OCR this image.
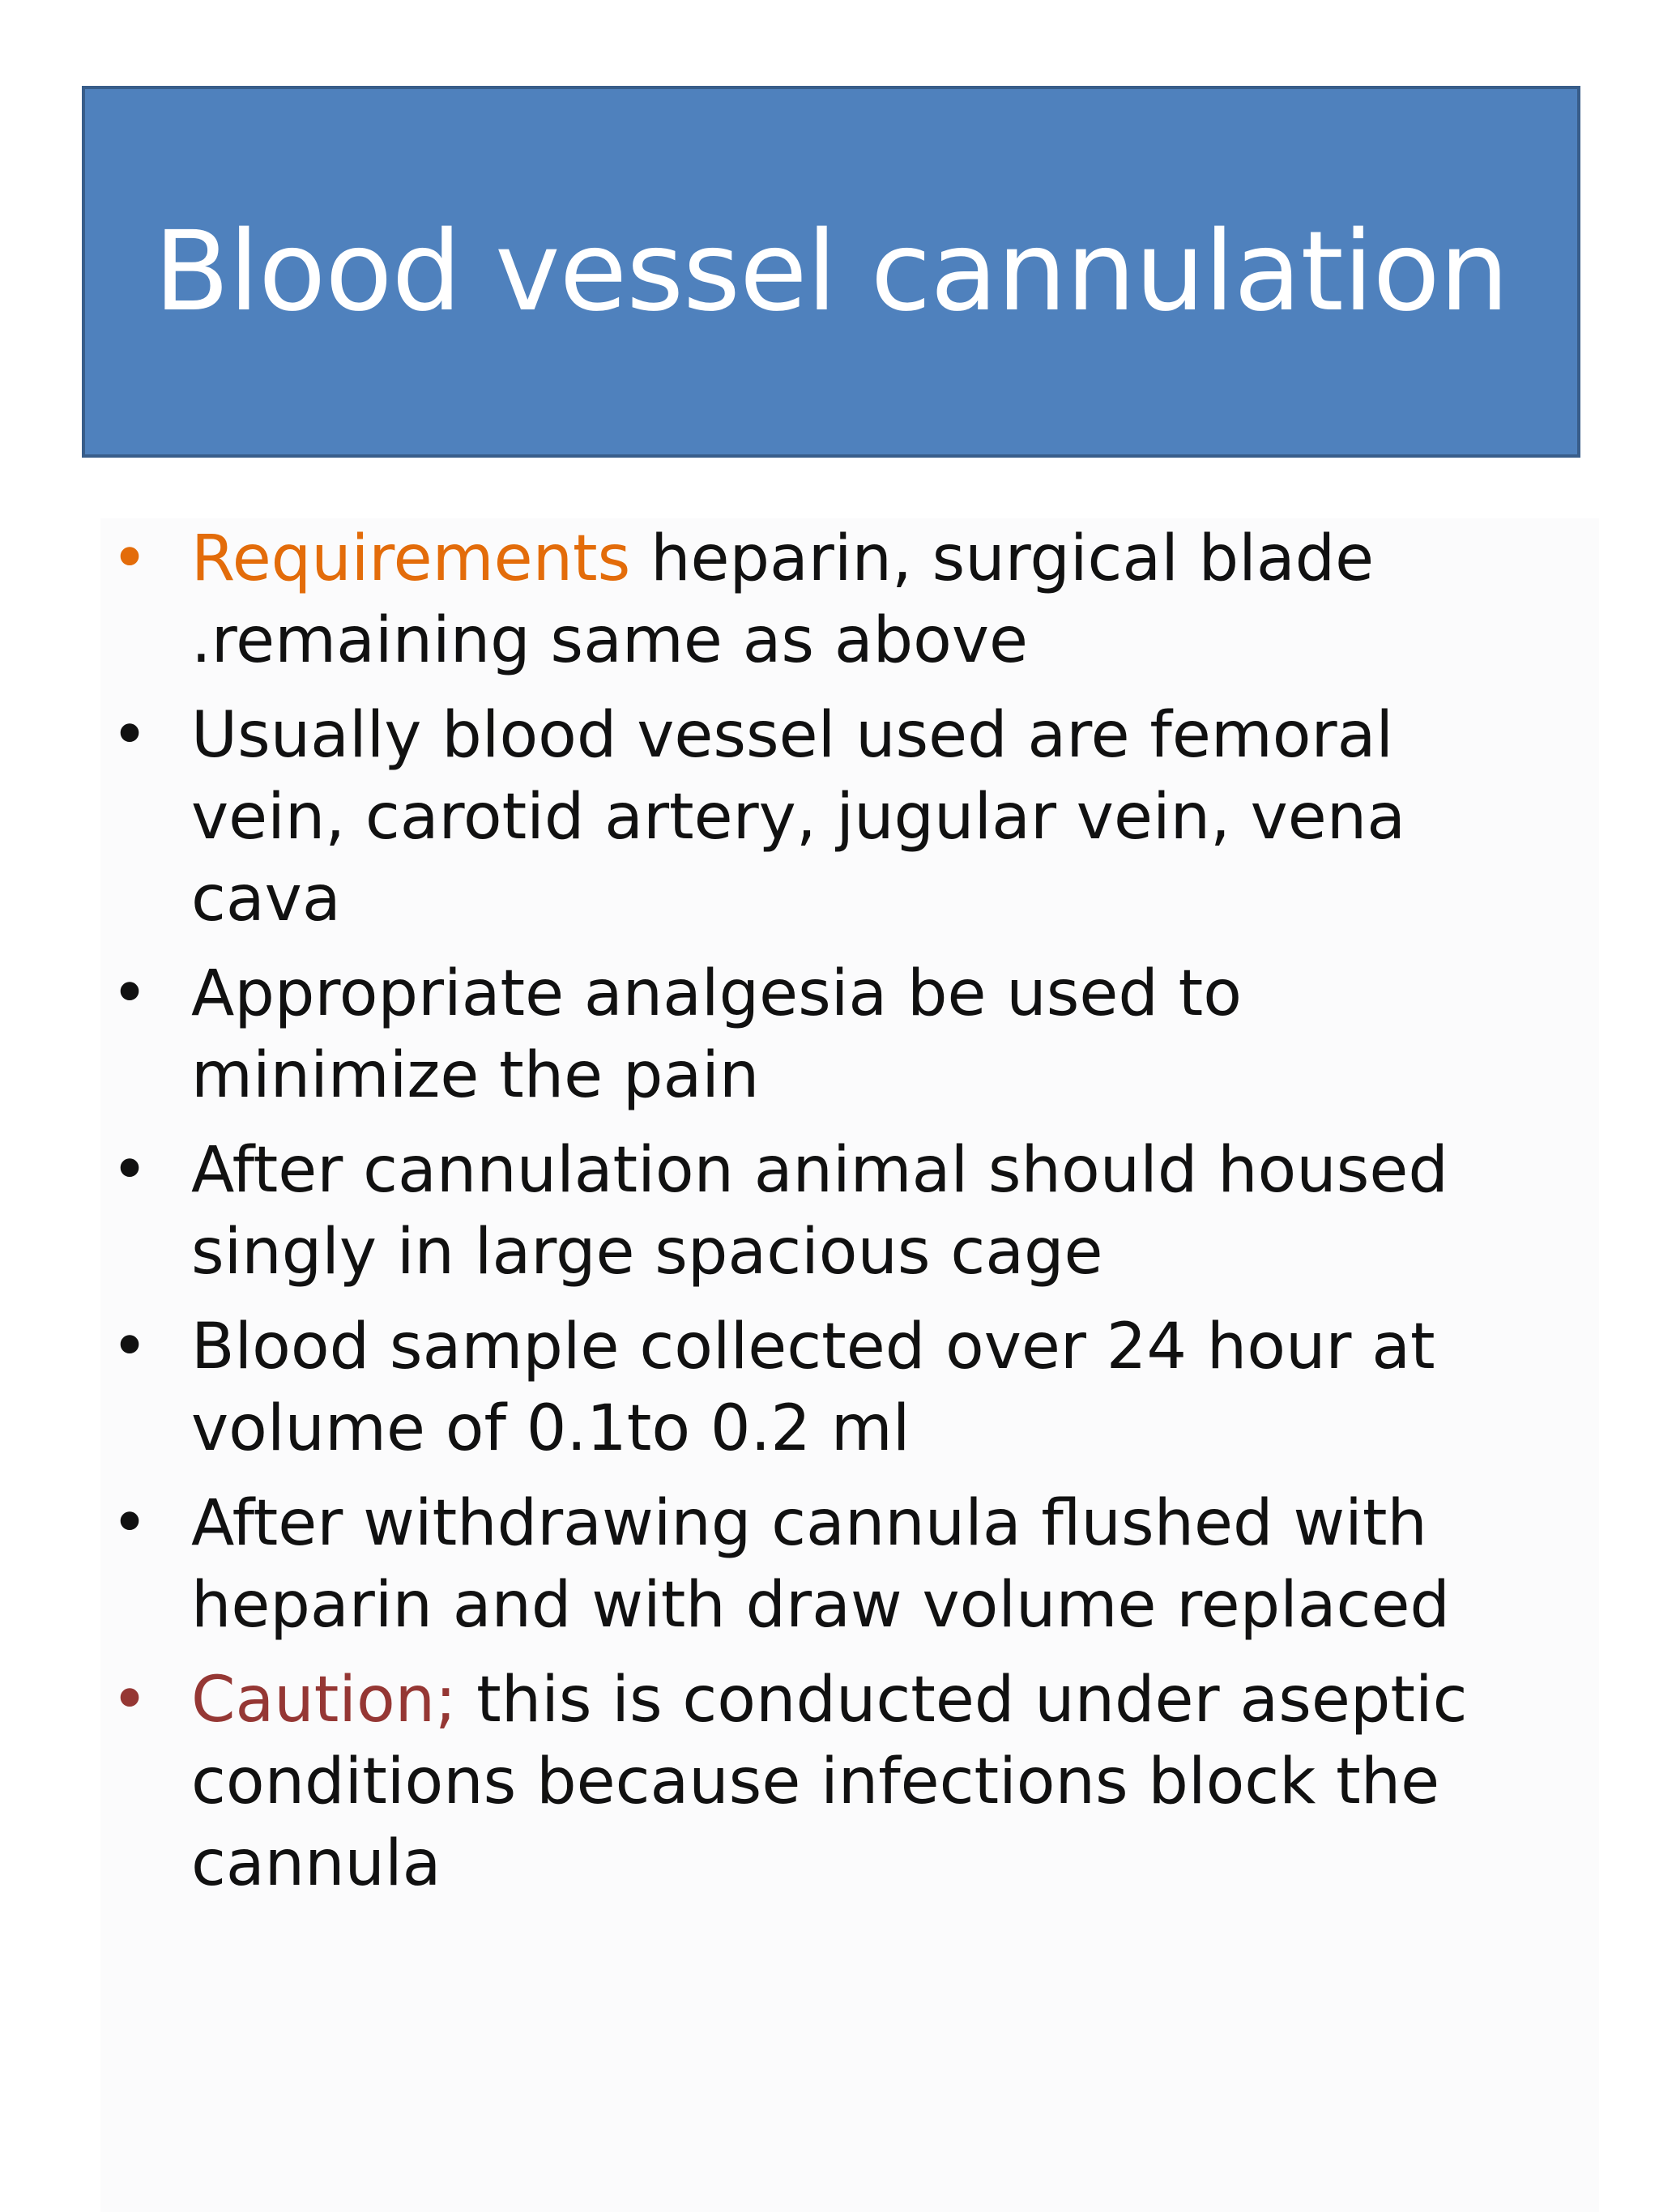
Blood vessel cannulation
• Requirements heparin, surgical blade
.remaining same as above
• Usually blood vessel used are femoral
vein, carotid artery, jugular vein, vena
cava
• Appropriate analgesia be used to
minimize the pain
• After cannulation animal should housed
singly in large spacious cage
• Blood sample collected over 24 hour at
volume of 0.1to 0.2 ml
• After withdrawing cannula flushed with
heparin and with draw volume replaced
• Caution; this is conducted under aseptic
conditions because infections block the
cannula
